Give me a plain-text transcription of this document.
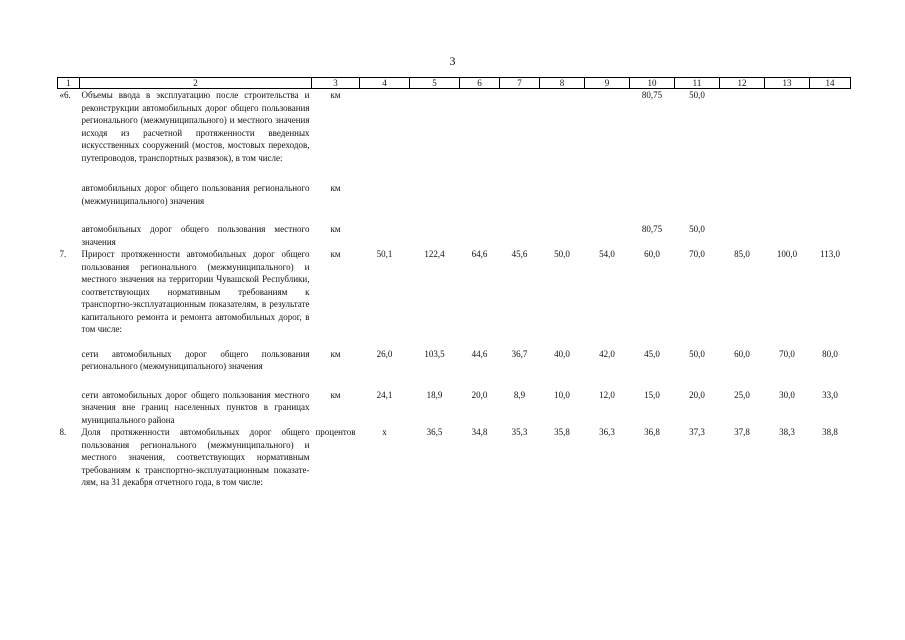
3
1	2	3	4	5	6	7	8	9	10	11	12	13	14
«6.	Объемы ввода в эксплуатацию после строительства и реконструкции автомобильных дорог общего пользования регионального (межмуниципального) и местного значения исходя из расчетной протяженности введенных искусственных сооружений (мостов, мостовых переходов, путепроводов, транспортных развязок), в том числе:	км							80,75	50,0			
	автомобильных дорог общего пользования регионального (межмуниципального) значения	км											
	автомобильных дорог общего пользования местного значения	км							80,75	50,0			
7.	Прирост протяженности автомобильных дорог общего пользования регионального (межмуниципального) и местного значения на территории Чувашской Республики, соответствующих нормативным требованиям к транспортно-эксплуатационным показателям, в результате капитального ремонта и ремонта автомобильных дорог, в том числе:	км	50,1	122,4	64,6	45,6	50,0	54,0	60,0	70,0	85,0	100,0	113,0
	сети автомобильных дорог общего пользования регионального (межмуниципального) значения	км	26,0	103,5	44,6	36,7	40,0	42,0	45,0	50,0	60,0	70,0	80,0
	сети автомобильных дорог общего пользования местного значения вне границ населенных пунктов в границах муниципального района	км	24,1	18,9	20,0	8,9	10,0	12,0	15,0	20,0	25,0	30,0	33,0
8.	Доля протяженности автомобильных дорог общего пользования регионального (межмуниципального) и местного значения, соответствующих нормативным требованиям к транспортно-эксплуатационным показателям, на 31 декабря отчетного года, в том числе:	процентов	х	36,5	34,8	35,3	35,8	36,3	36,8	37,3	37,8	38,3	38,8
